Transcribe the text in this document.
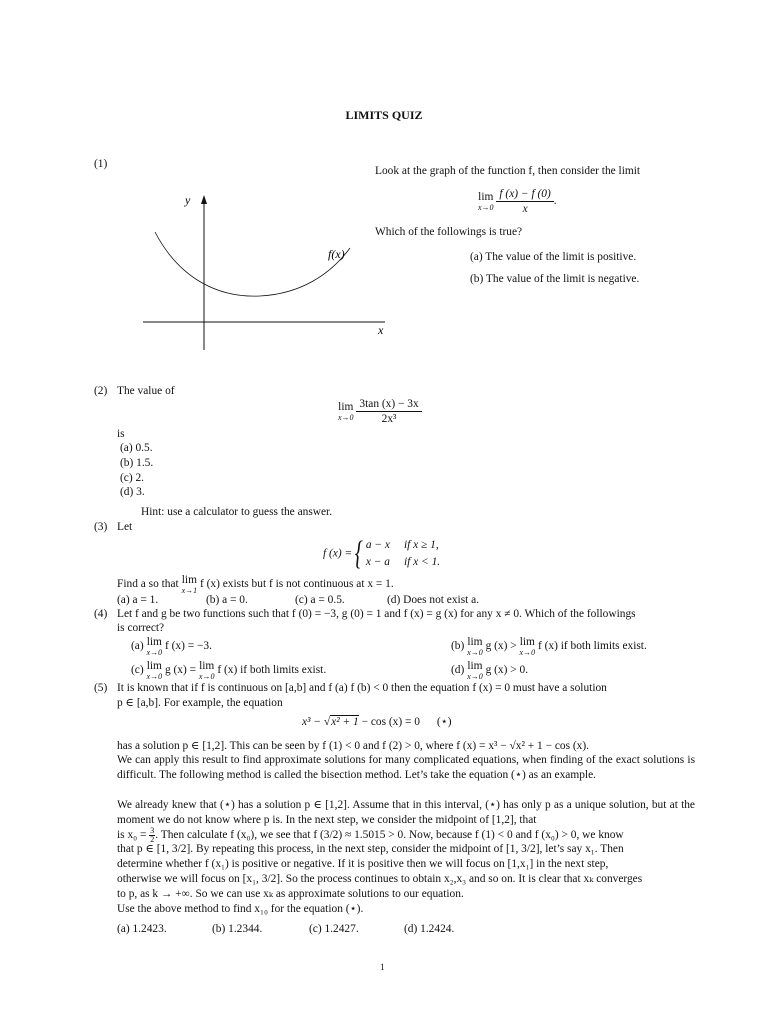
LIMITS QUIZ
(1)
y
x
f(x)
Look at the graph of the function f, then consider the limit
lim
x→0
$\frac{f (x) - f (0)}{x}$ .
Which of the followings is true?
(a) The value of the limit is positive.
(b) The value of the limit is negative.
(2) The value of
lim
x→0
$\frac{3\tan (x) - 3x}{\text{2x³}}$
is
(a) 0.5.
(b) 1.5.
(c) 2.
(d) 3.
Hint: use a calculator to guess the answer.
(3) Let
f (x) ={ a − x if x ≥ 1,
x − a if x < 1.
Find a so that lim
x→1
f (x) exists but f is not continuous at x = 1.
(a) a = 1.	(b) a = 0.	(c) a = 0.5.	(d) Does not exist a.
(4) Let f and g be two functions such that f (0) = −3, g (0) = 1 and f (x) = g (x) for any x ≠ 0. Which of the followings
is correct?
(a) lim
x→0
f (x) = −3.	(b) lim
x→0
g (x) > lim
x→0
f (x) if both limits exist.
(c) lim
x→0
g (x) = lim
x→0
f (x) if both limits exist.	(d) lim
x→0
g (x) > 0.
(5) It is known that if f is continuous on [a,b] and f (a) f (b) < 0 then the equation f (x) = 0 must have a solution
p ∈ [a,b]. For example, the equation
x³ − √x² + 1 − cos (x) = 0 (⋆)
has a solution p ∈ [1,2]. This can be seen by f (1) < 0 and f (2) > 0, where f (x) = x³ − √x² + 1 − cos (x).
We can apply this result to find approximate solutions for many complicated equations, when finding of the exact solutions is difficult. The following method is called the bisection method. Let’s take the equation (⋆) as an example.
We already knew that (⋆) has a solution p ∈ [1,2]. Assume that in this interval, (⋆) has only p as a unique solution, but at the moment we do not know where p is. In the next step, we consider the midpoint of [1,2], that
is $x_0 = \frac{3}{2}$ . Then calculate f (x₀), we see that f (3/2) ≈ 1.5015 > 0. Now, because f (1) < 0 and f (x₀) > 0, we know
that p ∈ [1, 3/2]. By repeating this process, in the next step, consider the midpoint of [1, 3/2], let’s say x₁. Then
determine whether f (x₁) is positive or negative. If it is positive then we will focus on [1,x₁] in the next step,
otherwise we will focus on [x₁, 3/2]. So the process continues to obtain x₂,x₃ and so on. It is clear that xₖ converges
to p, as k → +∞. So we can use xₖ as approximate solutions to our equation.
Use the above method to find x₁₀ for the equation (⋆).
(a) 1.2423.	(b) 1.2344.	(c) 1.2427.	(d) 1.2424.
1
